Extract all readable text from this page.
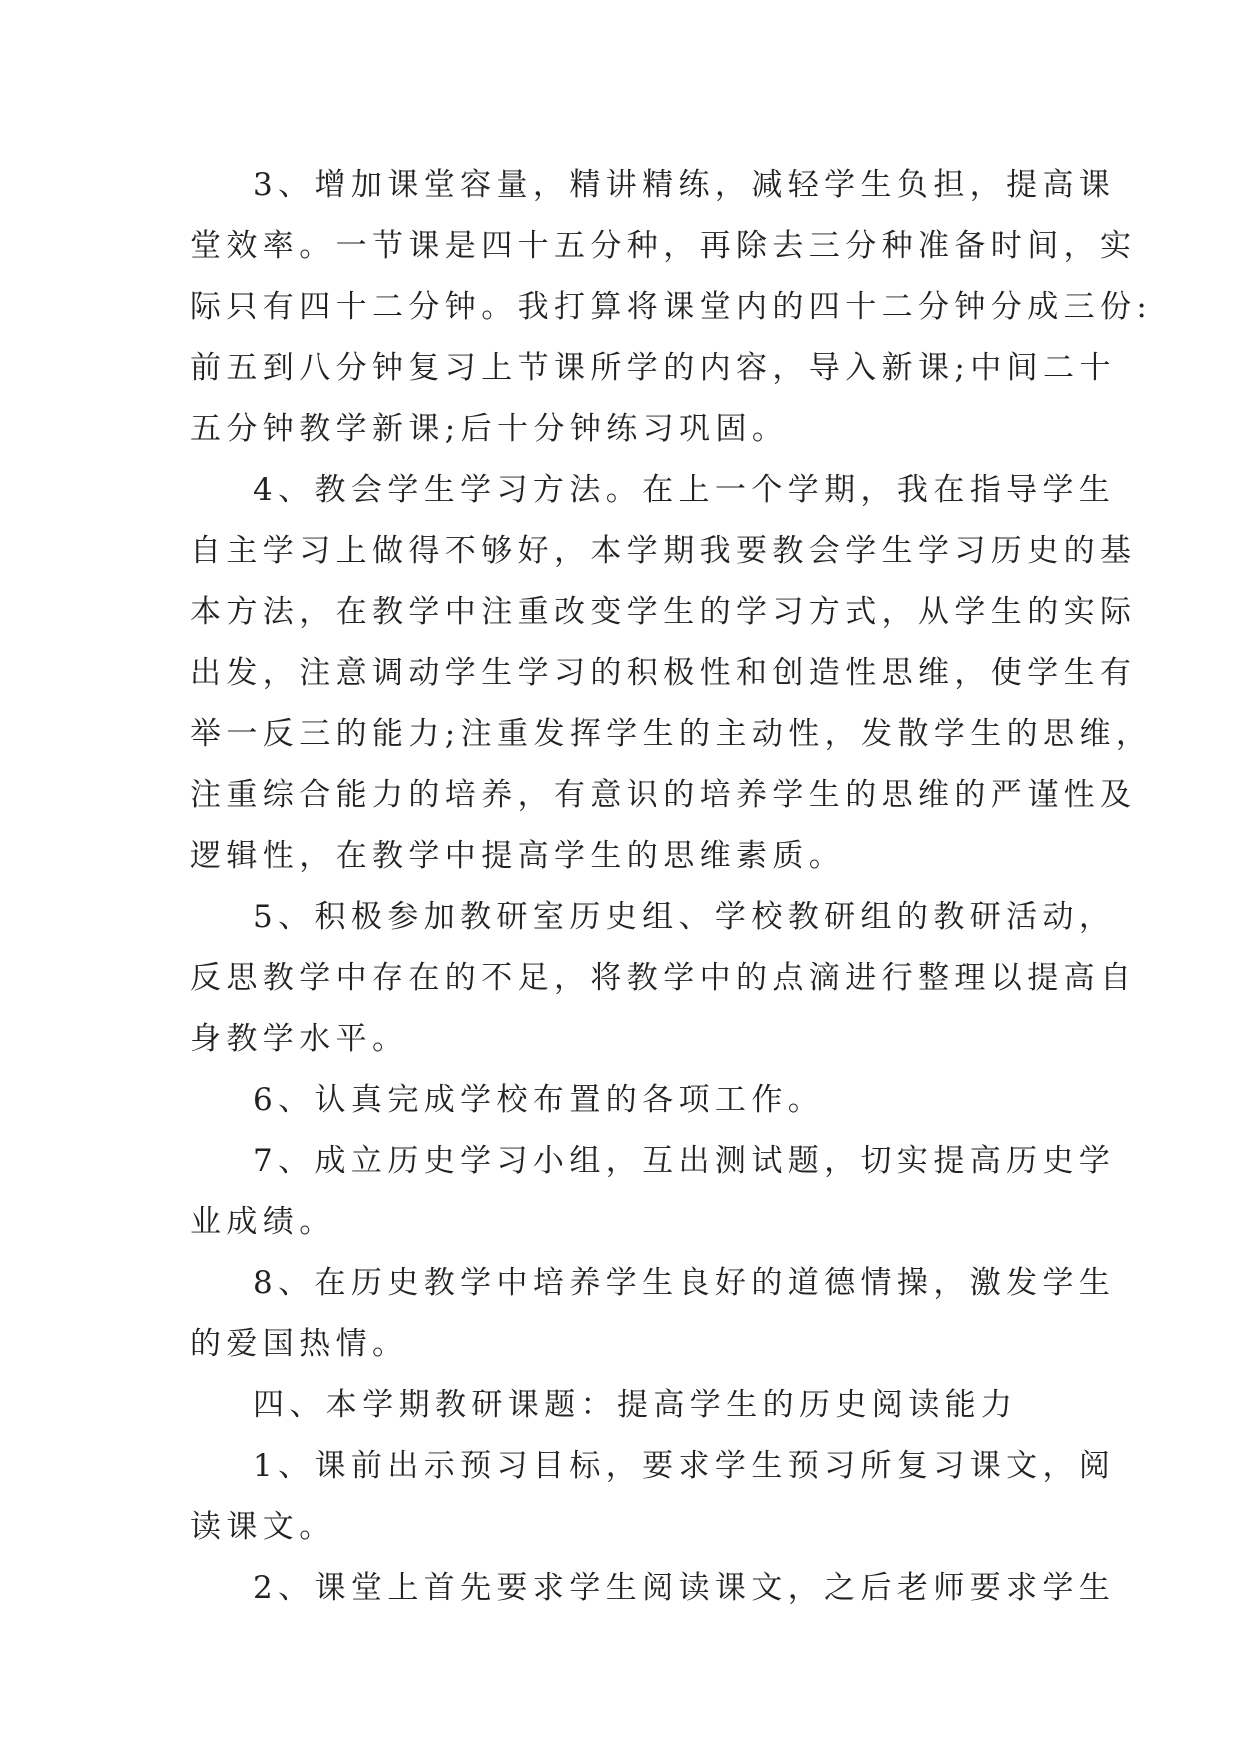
3、增加课堂容量，精讲精练，减轻学生负担，提高课
堂效率。一节课是四十五分种，再除去三分种准备时间，实
际只有四十二分钟。我打算将课堂内的四十二分钟分成三份:
前五到八分钟复习上节课所学的内容，导入新课;中间二十
五分钟教学新课;后十分钟练习巩固。
4、教会学生学习方法。在上一个学期，我在指导学生
自主学习上做得不够好，本学期我要教会学生学习历史的基
本方法，在教学中注重改变学生的学习方式，从学生的实际
出发，注意调动学生学习的积极性和创造性思维，使学生有
举一反三的能力;注重发挥学生的主动性，发散学生的思维，
注重综合能力的培养，有意识的培养学生的思维的严谨性及
逻辑性，在教学中提高学生的思维素质。
5、积极参加教研室历史组、学校教研组的教研活动，
反思教学中存在的不足，将教学中的点滴进行整理以提高自
身教学水平。
6、认真完成学校布置的各项工作。
7、成立历史学习小组，互出测试题，切实提高历史学
业成绩。
8、在历史教学中培养学生良好的道德情操，激发学生
的爱国热情。
四、本学期教研课题：提高学生的历史阅读能力
1、课前出示预习目标，要求学生预习所复习课文，阅
读课文。
2、课堂上首先要求学生阅读课文，之后老师要求学生
